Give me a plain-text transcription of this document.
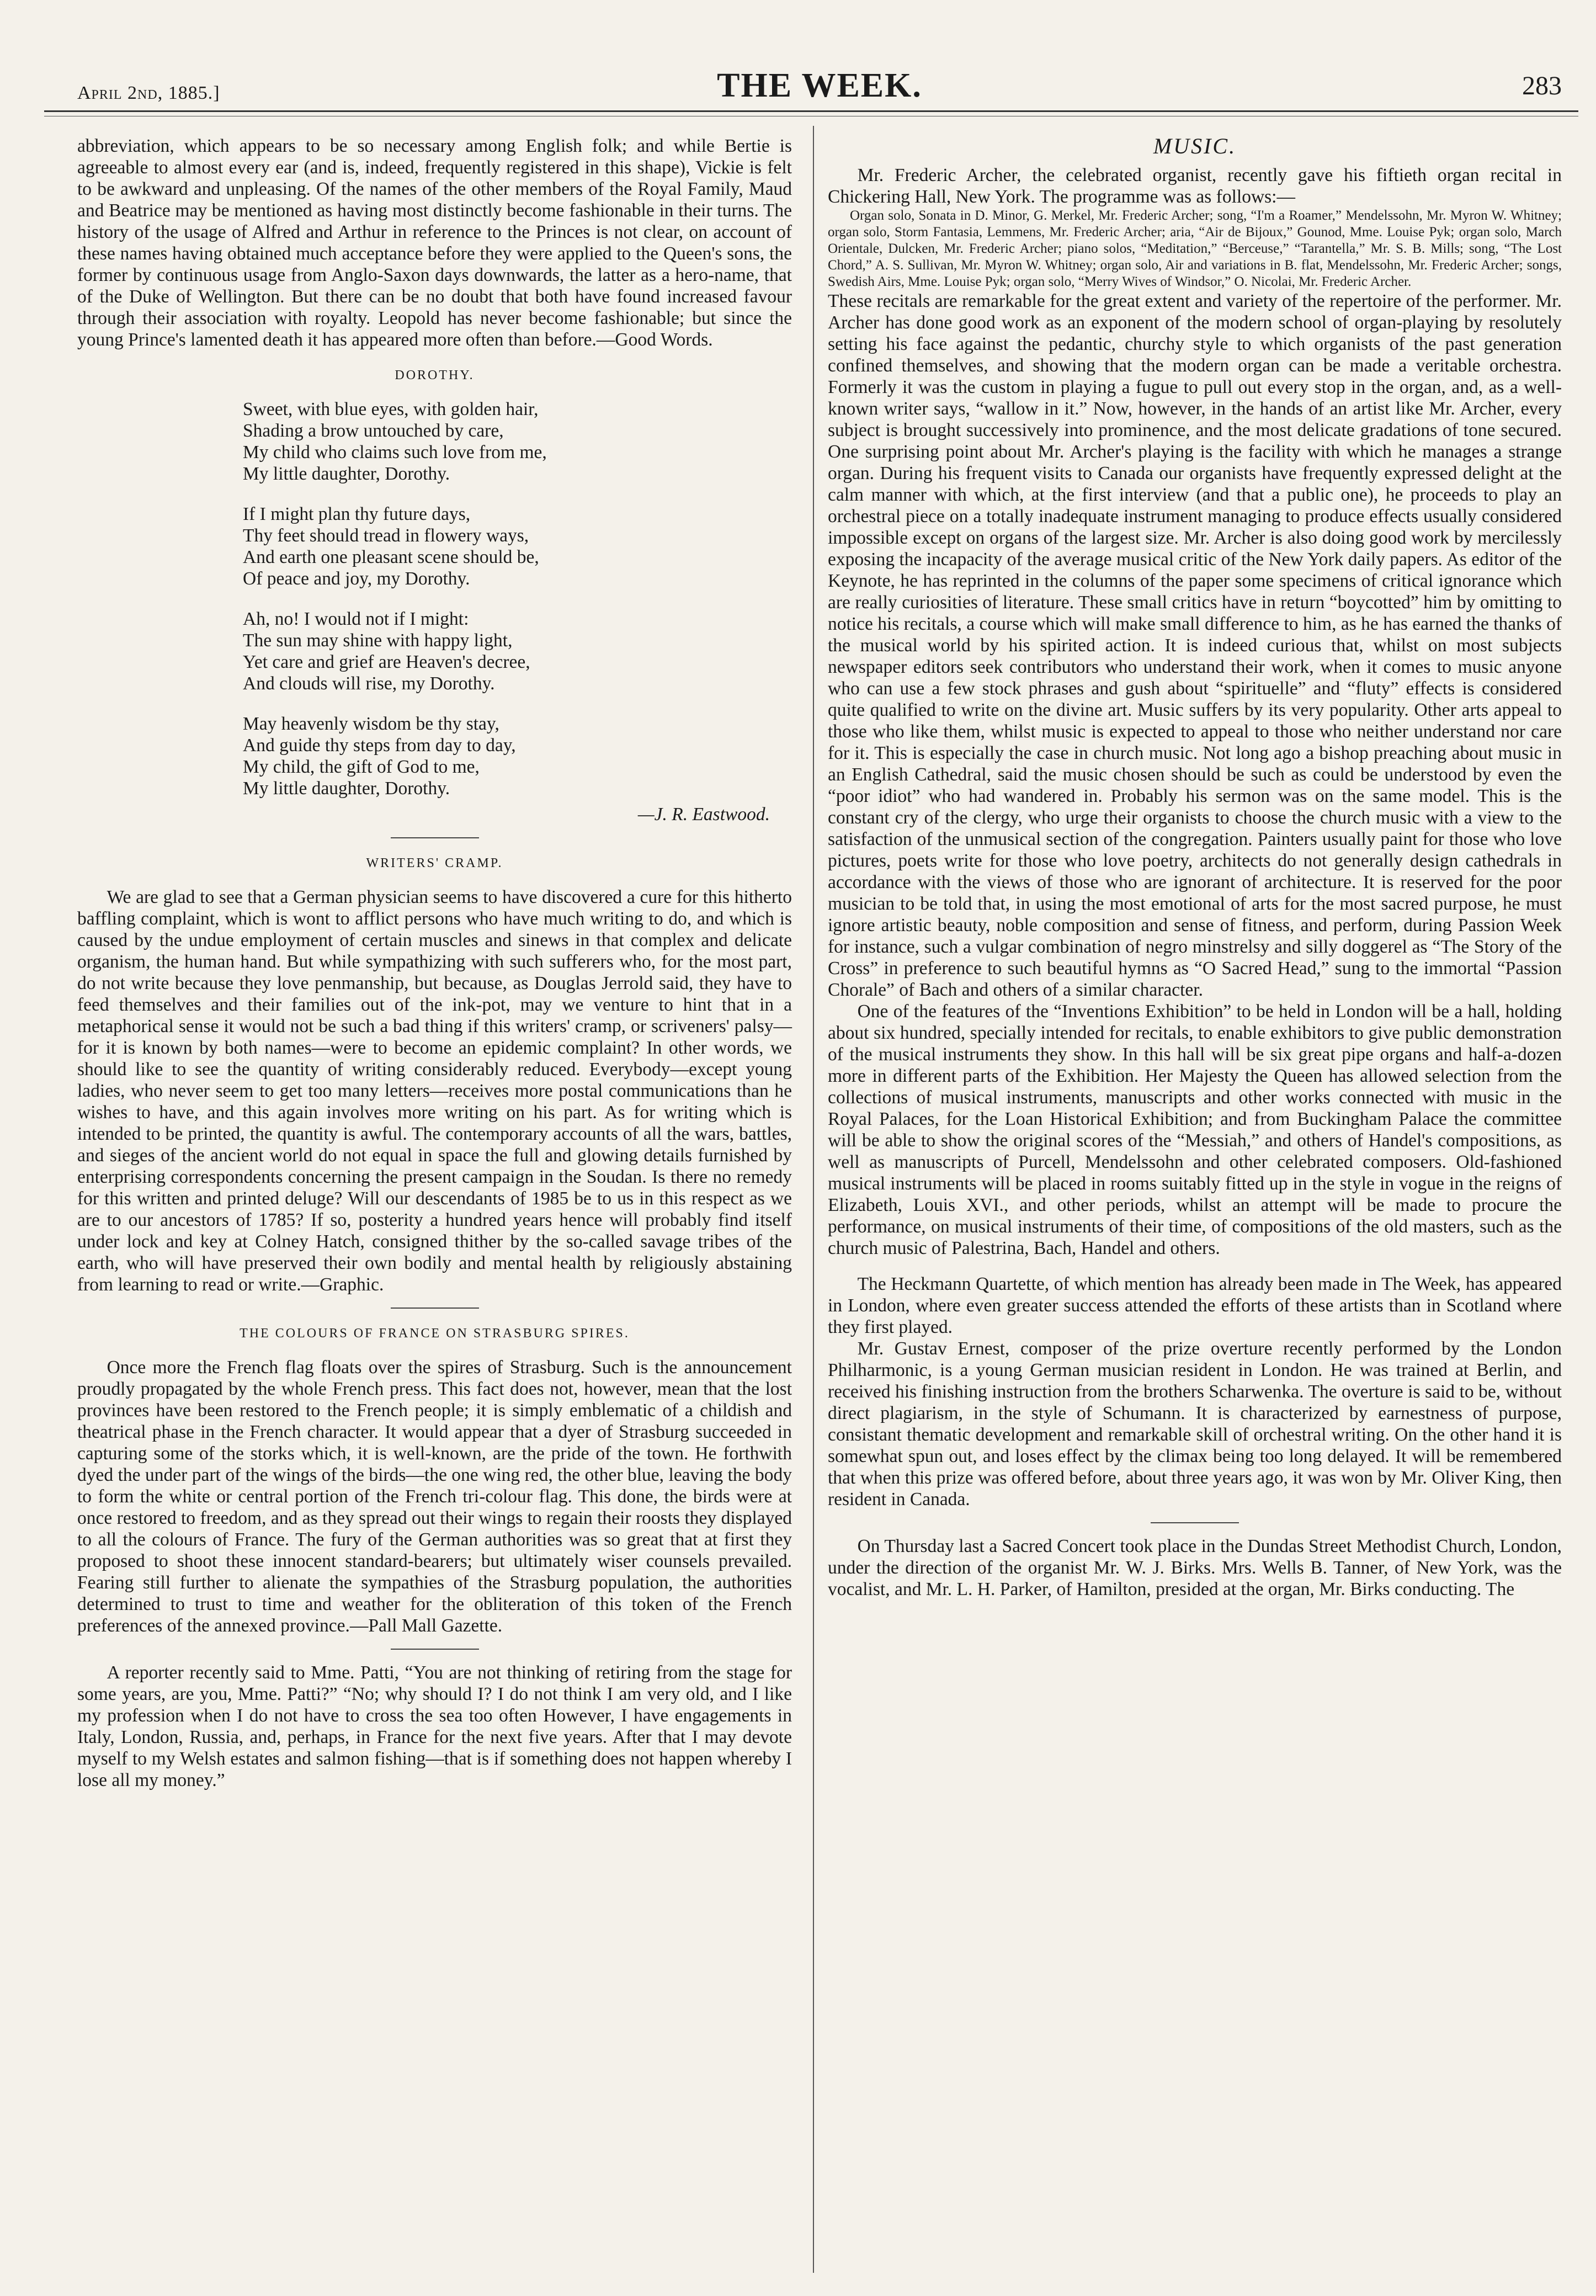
April 2nd, 1885.]	THE WEEK.	283

abbreviation, which appears to be so necessary among English folk; and while Bertie is agreeable to almost every ear (and is, indeed, frequently registered in this shape), Vickie is felt to be awkward and unpleasing. Of the names of the other members of the Royal Family, Maud and Beatrice may be mentioned as having most distinctly become fashionable in their turns. The history of the usage of Alfred and Arthur in reference to the Princes is not clear, on account of these names having obtained much acceptance before they were applied to the Queen's sons, the former by continuous usage from Anglo-Saxon days downwards, the latter as a hero-name, that of the Duke of Wellington. But there can be no doubt that both have found increased favour through their association with royalty. Leopold has never become fashionable; but since the young Prince's lamented death it has appeared more often than before.—Good Words.

DOROTHY.
Sweet, with blue eyes, with golden hair,
Shading a brow untouched by care,
My child who claims such love from me,
My little daughter, Dorothy.
If I might plan thy future days,
Thy feet should tread in flowery ways,
And earth one pleasant scene should be,
Of peace and joy, my Dorothy.
Ah, no! I would not if I might:
The sun may shine with happy light,
Yet care and grief are Heaven's decree,
And clouds will rise, my Dorothy.
May heavenly wisdom be thy stay,
And guide thy steps from day to day,
My child, the gift of God to me,
My little daughter, Dorothy.
—J. R. Eastwood.
WRITERS' CRAMP.

We are glad to see that a German physician seems to have discovered a cure for this hitherto baffling complaint, which is wont to afflict persons who have much writing to do, and which is caused by the undue employment of certain muscles and sinews in that complex and delicate organism, the human hand. But while sympathizing with such sufferers who, for the most part, do not write because they love penmanship, but because, as Douglas Jerrold said, they have to feed themselves and their families out of the ink-pot, may we venture to hint that in a metaphorical sense it would not be such a bad thing if this writers' cramp, or scriveners' palsy—for it is known by both names—were to become an epidemic complaint? In other words, we should like to see the quantity of writing considerably reduced. Everybody—except young ladies, who never seem to get too many letters—receives more postal communications than he wishes to have, and this again involves more writing on his part. As for writing which is intended to be printed, the quantity is awful. The contemporary accounts of all the wars, battles, and sieges of the ancient world do not equal in space the full and glowing details furnished by enterprising correspondents concerning the present campaign in the Soudan. Is there no remedy for this written and printed deluge? Will our descendants of 1985 be to us in this respect as we are to our ancestors of 1785? If so, posterity a hundred years hence will probably find itself under lock and key at Colney Hatch, consigned thither by the so-called savage tribes of the earth, who will have preserved their own bodily and mental health by religiously abstaining from learning to read or write.—Graphic.

THE COLOURS OF FRANCE ON STRASBURG SPIRES.

Once more the French flag floats over the spires of Strasburg. Such is the announcement proudly propagated by the whole French press. This fact does not, however, mean that the lost provinces have been restored to the French people; it is simply emblematic of a childish and theatrical phase in the French character. It would appear that a dyer of Strasburg succeeded in capturing some of the storks which, it is well-known, are the pride of the town. He forthwith dyed the under part of the wings of the birds—the one wing red, the other blue, leaving the body to form the white or central portion of the French tri-colour flag. This done, the birds were at once restored to freedom, and as they spread out their wings to regain their roosts they displayed to all the colours of France. The fury of the German authorities was so great that at first they proposed to shoot these innocent standard-bearers; but ultimately wiser counsels prevailed. Fearing still further to alienate the sympathies of the Strasburg population, the authorities determined to trust to time and weather for the obliteration of this token of the French preferences of the annexed province.—Pall Mall Gazette.

A reporter recently said to Mme. Patti, “You are not thinking of retiring from the stage for some years, are you, Mme. Patti?” “No; why should I? I do not think I am very old, and I like my profession when I do not have to cross the sea too often However, I have engagements in Italy, London, Russia, and, perhaps, in France for the next five years. After that I may devote myself to my Welsh estates and salmon fishing—that is if something does not happen whereby I lose all my money.”

MUSIC.

Mr. Frederic Archer, the celebrated organist, recently gave his fiftieth organ recital in Chickering Hall, New York. The programme was as follows:—

Organ solo, Sonata in D. Minor, G. Merkel, Mr. Frederic Archer; song, “I'm a Roamer,” Mendelssohn, Mr. Myron W. Whitney; organ solo, Storm Fantasia, Lemmens, Mr. Frederic Archer; aria, “Air de Bijoux,” Gounod, Mme. Louise Pyk; organ solo, March Orientale, Dulcken, Mr. Frederic Archer; piano solos, “Meditation,” “Berceuse,” “Tarantella,” Mr. S. B. Mills; song, “The Lost Chord,” A. S. Sullivan, Mr. Myron W. Whitney; organ solo, Air and variations in B. flat, Mendelssohn, Mr. Frederic Archer; songs, Swedish Airs, Mme. Louise Pyk; organ solo, “Merry Wives of Windsor,” O. Nicolai, Mr. Frederic Archer.

These recitals are remarkable for the great extent and variety of the repertoire of the performer. Mr. Archer has done good work as an exponent of the modern school of organ-playing by resolutely setting his face against the pedantic, churchy style to which organists of the past generation confined themselves, and showing that the modern organ can be made a veritable orchestra. Formerly it was the custom in playing a fugue to pull out every stop in the organ, and, as a well-known writer says, “wallow in it.” Now, however, in the hands of an artist like Mr. Archer, every subject is brought successively into prominence, and the most delicate gradations of tone secured. One surprising point about Mr. Archer's playing is the facility with which he manages a strange organ. During his frequent visits to Canada our organists have frequently expressed delight at the calm manner with which, at the first interview (and that a public one), he proceeds to play an orchestral piece on a totally inadequate instrument managing to produce effects usually considered impossible except on organs of the largest size. Mr. Archer is also doing good work by mercilessly exposing the incapacity of the average musical critic of the New York daily papers. As editor of the Keynote, he has reprinted in the columns of the paper some specimens of critical ignorance which are really curiosities of literature. These small critics have in return “boycotted” him by omitting to notice his recitals, a course which will make small difference to him, as he has earned the thanks of the musical world by his spirited action. It is indeed curious that, whilst on most subjects newspaper editors seek contributors who understand their work, when it comes to music anyone who can use a few stock phrases and gush about “spirituelle” and “fluty” effects is considered quite qualified to write on the divine art. Music suffers by its very popularity. Other arts appeal to those who like them, whilst music is expected to appeal to those who neither understand nor care for it. This is especially the case in church music. Not long ago a bishop preaching about music in an English Cathedral, said the music chosen should be such as could be understood by even the “poor idiot” who had wandered in. Probably his sermon was on the same model. This is the constant cry of the clergy, who urge their organists to choose the church music with a view to the satisfaction of the unmusical section of the congregation. Painters usually paint for those who love pictures, poets write for those who love poetry, architects do not generally design cathedrals in accordance with the views of those who are ignorant of architecture. It is reserved for the poor musician to be told that, in using the most emotional of arts for the most sacred purpose, he must ignore artistic beauty, noble composition and sense of fitness, and perform, during Passion Week for instance, such a vulgar combination of negro minstrelsy and silly doggerel as “The Story of the Cross” in preference to such beautiful hymns as “O Sacred Head,” sung to the immortal “Passion Chorale” of Bach and others of a similar character.

One of the features of the “Inventions Exhibition” to be held in London will be a hall, holding about six hundred, specially intended for recitals, to enable exhibitors to give public demonstration of the musical instruments they show. In this hall will be six great pipe organs and half-a-dozen more in different parts of the Exhibition. Her Majesty the Queen has allowed selection from the collections of musical instruments, manuscripts and other works connected with music in the Royal Palaces, for the Loan Historical Exhibition; and from Buckingham Palace the committee will be able to show the original scores of the “Messiah,” and others of Handel's compositions, as well as manuscripts of Purcell, Mendelssohn and other celebrated composers. Old-fashioned musical instruments will be placed in rooms suitably fitted up in the style in vogue in the reigns of Elizabeth, Louis XVI., and other periods, whilst an attempt will be made to procure the performance, on musical instruments of their time, of compositions of the old masters, such as the church music of Palestrina, Bach, Handel and others.

The Heckmann Quartette, of which mention has already been made in The Week, has appeared in London, where even greater success attended the efforts of these artists than in Scotland where they first played.

Mr. Gustav Ernest, composer of the prize overture recently performed by the London Philharmonic, is a young German musician resident in London. He was trained at Berlin, and received his finishing instruction from the brothers Scharwenka. The overture is said to be, without direct plagiarism, in the style of Schumann. It is characterized by earnestness of purpose, consistant thematic development and remarkable skill of orchestral writing. On the other hand it is somewhat spun out, and loses effect by the climax being too long delayed. It will be remembered that when this prize was offered before, about three years ago, it was won by Mr. Oliver King, then resident in Canada.

On Thursday last a Sacred Concert took place in the Dundas Street Methodist Church, London, under the direction of the organist Mr. W. J. Birks. Mrs. Wells B. Tanner, of New York, was the vocalist, and Mr. L. H. Parker, of Hamilton, presided at the organ, Mr. Birks conducting. The
